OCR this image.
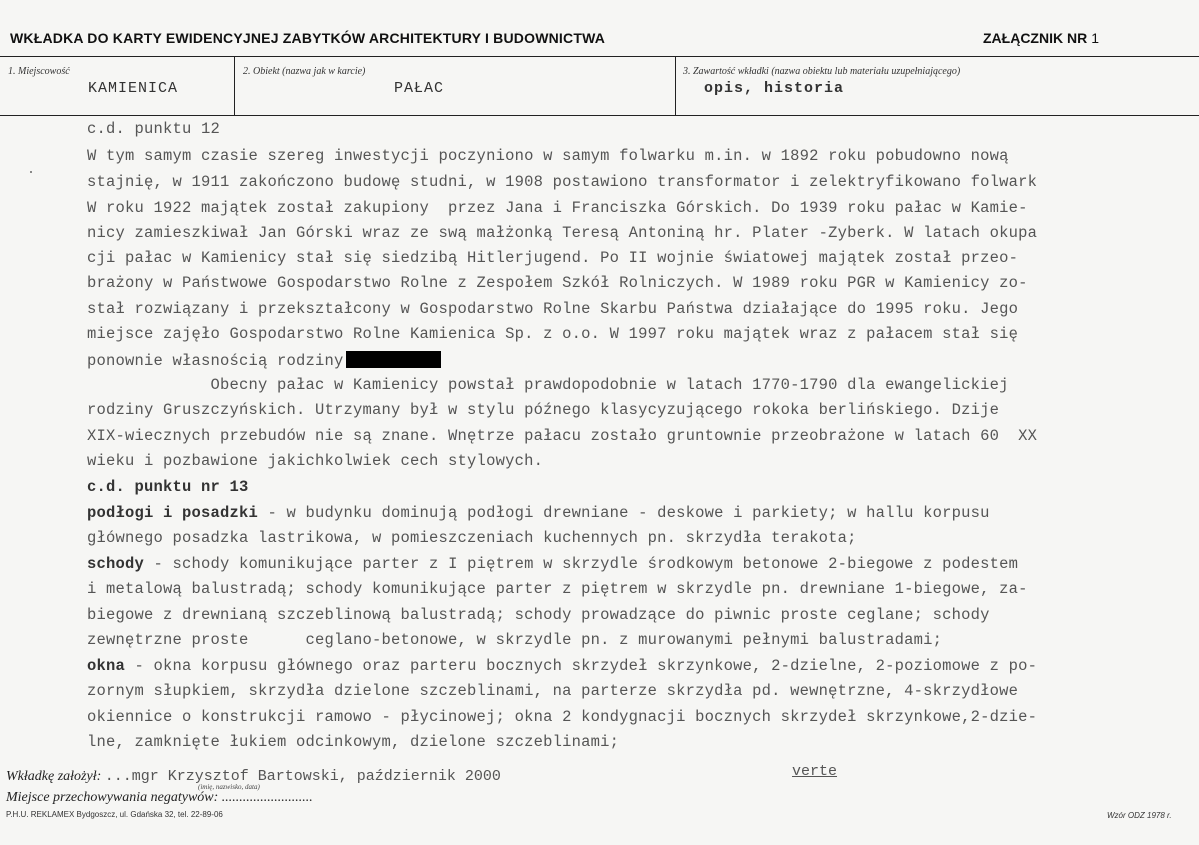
WKŁADKA DO KARTY EWIDENCYJNEJ ZABYTKÓW ARCHITEKTURY I BUDOWNICTWA	ZAŁĄCZNIK NR 1
1. Miejscowość
KAMIENICA
2. Obiekt (nazwa jak w karcie)
PAŁAC
3. Zawartość wkładki (nazwa obiektu lub materiału uzupełniającego)
opis, historia
c.d. punktu 12
W tym samym czasie szereg inwestycji poczyniono w samym folwarku m.in. w 1892 roku pobudowno nową
stajnię, w 1911 zakończono budowę studni, w 1908 postawiono transformator i zelektryfikowano folwark
W roku 1922 majątek został zakupiony  przez Jana i Franciszka Górskich. Do 1939 roku pałac w Kamie-
nicy zamieszkiwał Jan Górski wraz ze swą małżonką Teresą Antoniną hr. Plater -Zyberk. W latach okupa
cji pałac w Kamienicy stał się siedzibą Hitlerjugend. Po II wojnie światowej majątek został przeo-
brażony w Państwowe Gospodarstwo Rolne z Zespołem Szkół Rolniczych. W 1989 roku PGR w Kamienicy zo-
stał rozwiązany i przekształcony w Gospodarstwo Rolne Skarbu Państwa działające do 1995 roku. Jego
miejsce zajęło Gospodarstwo Rolne Kamienica Sp. z o.o. W 1997 roku majątek wraz z pałacem stał się
ponownie własnością rodziny
Obecny pałac w Kamienicy powstał prawdopodobnie w latach 1770-1790 dla ewangelickiej
rodziny Gruszczyńskich. Utrzymany był w stylu późnego klasycyzującego rokoka berlińskiego. Dzije
XIX-wiecznych przebudów nie są znane. Wnętrze pałacu zostało gruntownie przeobrażone w latach 60  XX
wieku i pozbawione jakichkolwiek cech stylowych.
c.d. punktu nr 13
podłogi i posadzki - w budynku dominują podłogi drewniane - deskowe i parkiety; w hallu korpusu
głównego posadzka lastrikowa, w pomieszczeniach kuchennych pn. skrzydła terakota;
schody - schody komunikujące parter z I piętrem w skrzydle środkowym betonowe 2-biegowe z podestem
i metalową balustradą; schody komunikujące parter z piętrem w skrzydle pn. drewniane 1-biegowe, za-
biegowe z drewnianą szczeblinową balustradą; schody prowadzące do piwnic proste ceglane; schody
zewnętrzne proste      ceglano-betonowe, w skrzydle pn. z murowanymi pełnymi balustradami;
okna - okna korpusu głównego oraz parteru bocznych skrzydeł skrzynkowe, 2-dzielne, 2-poziomowe z po-
zornym słupkiem, skrzydła dzielone szczeblinami, na parterze skrzydła pd. wewnętrzne, 4-skrzydłowe
okiennice o konstrukcji ramowo - płycinowej; okna 2 kondygnacji bocznych skrzydeł skrzynkowe,2-dzie-
lne, zamknięte łukiem odcinkowym, dzielone szczeblinami;
Wkładkę założył: ...mgr Krzysztof Bartowski, październik 2000
(imię, nazwisko, data)
verte
Miejsce przechowywania negatywów: ..........................
P.H.U. REKLAMEX Bydgoszcz, ul. Gdańska 32, tel. 22-89-06	Wzór ODZ 1978 r.
